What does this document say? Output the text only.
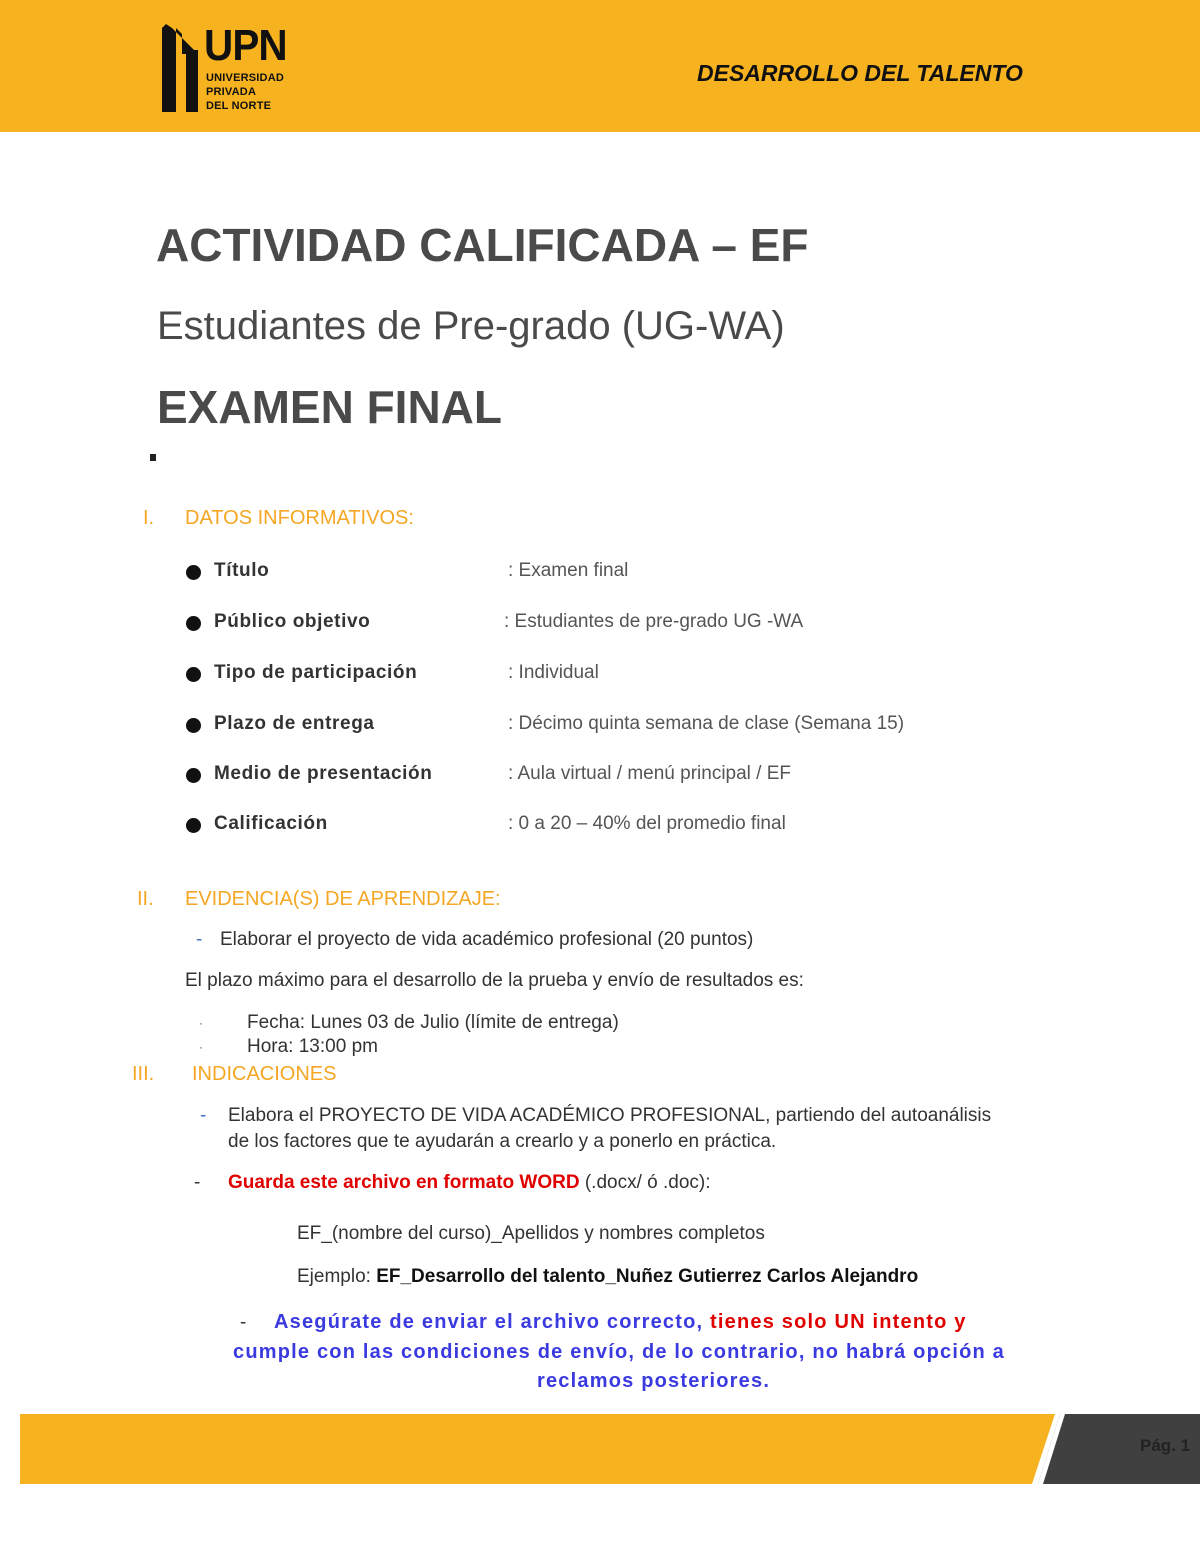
UPN
UNIVERSIDAD
PRIVADA
DEL NORTE
DESARROLLO DEL TALENTO
ACTIVIDAD CALIFICADA – EF
Estudiantes de Pre-grado (UG-WA)
EXAMEN FINAL
I. DATOS INFORMATIVOS:
Título	: Examen final
Público objetivo	: Estudiantes de pre-grado UG -WA
Tipo de participación	: Individual
Plazo de entrega	: Décimo quinta semana de clase (Semana 15)
Medio de presentación	: Aula virtual / menú principal / EF
Calificación	: 0 a 20 – 40% del promedio final
II. EVIDENCIA(S) DE APRENDIZAJE:
- Elaborar el proyecto de vida académico profesional (20 puntos)
El plazo máximo para el desarrollo de la prueba y envío de resultados es:
· Fecha: Lunes 03 de Julio (límite de entrega)
· Hora: 13:00 pm
III. INDICACIONES
- Elabora el PROYECTO DE VIDA ACADÉMICO PROFESIONAL, partiendo del autoanálisis
de los factores que te ayudarán a crearlo y a ponerlo en práctica.
- Guarda este archivo en formato WORD (.docx/ ó .doc):
EF_(nombre del curso)_Apellidos y nombres completos
Ejemplo: EF_Desarrollo del talento_Nuñez Gutierrez Carlos Alejandro
- Asegúrate de enviar el archivo correcto, tienes solo UN intento y
cumple con las condiciones de envío, de lo contrario, no habrá opción a
reclamos posteriores.
Pág. 1
